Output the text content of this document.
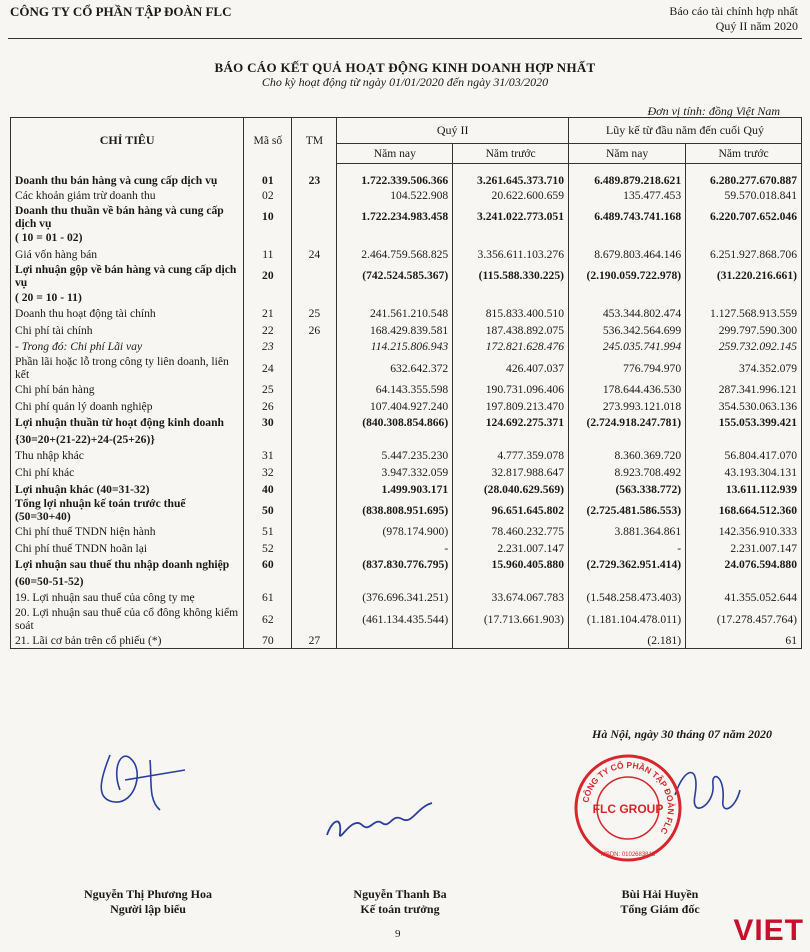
CÔNG TY CỔ PHẦN TẬP ĐOÀN FLC	Báo cáo tài chính hợp nhất
Quý II năm 2020
BÁO CÁO KẾT QUẢ HOẠT ĐỘNG KINH DOANH HỢP NHẤT
Cho kỳ hoạt động từ ngày 01/01/2020 đến ngày 31/03/2020
Đơn vị tính: đồng Việt Nam
CHỈ TIÊU	Mã số	TM	Quý II		Lũy kế từ đầu năm đến cuối Quý	
			Năm nay	Năm trước	Năm nay	Năm trước
Doanh thu bán hàng và cung cấp dịch vụ	01	23	1.722.339.506.366	3.261.645.373.710	6.489.879.218.621	6.280.277.670.887
Các khoản giảm trừ doanh thu	02		104.522.908	20.622.600.659	135.477.453	59.570.018.841
Doanh thu thuần về bán hàng và cung cấp dịch vụ	10		1.722.234.983.458	3.241.022.773.051	6.489.743.741.168	6.220.707.652.046
( 10 = 01 - 02)						
Giá vốn hàng bán	11	24	2.464.759.568.825	3.356.611.103.276	8.679.803.464.146	6.251.927.868.706
Lợi nhuận gộp về bán hàng và cung cấp dịch vụ	20		(742.524.585.367)	(115.588.330.225)	(2.190.059.722.978)	(31.220.216.661)
( 20 = 10 - 11)						
Doanh thu hoạt động tài chính	21	25	241.561.210.548	815.833.400.510	453.344.802.474	1.127.568.913.559
Chi phí tài chính	22	26	168.429.839.581	187.438.892.075	536.342.564.699	299.797.590.300
- Trong đó: Chi phí Lãi vay	23		114.215.806.943	172.821.628.476	245.035.741.994	259.732.092.145
Phần lãi hoặc lỗ trong công ty liên doanh, liên kết	24		632.642.372	426.407.037	776.794.970	374.352.079
Chi phí bán hàng	25		64.143.355.598	190.731.096.406	178.644.436.530	287.341.996.121
Chi phí quản lý doanh nghiệp	26		107.404.927.240	197.809.213.470	273.993.121.018	354.530.063.136
Lợi nhuận thuần từ hoạt động kinh doanh	30		(840.308.854.866)	124.692.275.371	(2.724.918.247.781)	155.053.399.421
{30=20+(21-22)+24-(25+26)}						
Thu nhập khác	31		5.447.235.230	4.777.359.078	8.360.369.720	56.804.417.070
Chi phí khác	32		3.947.332.059	32.817.988.647	8.923.708.492	43.193.304.131
Lợi nhuận khác (40=31-32)	40		1.499.903.171	(28.040.629.569)	(563.338.772)	13.611.112.939
Tổng lợi nhuận kế toán trước thuế (50=30+40)	50		(838.808.951.695)	96.651.645.802	(2.725.481.586.553)	168.664.512.360
Chi phí thuế TNDN hiện hành	51		(978.174.900)	78.460.232.775	3.881.364.861	142.356.910.333
Chi phí thuế TNDN hoãn lại	52		-	2.231.007.147	-	2.231.007.147
Lợi nhuận sau thuế thu nhập doanh nghiệp	60		(837.830.776.795)	15.960.405.880	(2.729.362.951.414)	24.076.594.880
(60=50-51-52)						
19. Lợi nhuận sau thuế của công ty mẹ	61		(376.696.341.251)	33.674.067.783	(1.548.258.473.403)	41.355.052.644
20. Lợi nhuận sau thuế của cổ đông không kiểm soát	62		(461.134.435.544)	(17.713.661.903)	(1.181.104.478.011)	(17.278.457.764)
21. Lãi cơ bản trên cổ phiếu (*)	70	27			(2.181)	61
Hà Nội, ngày 30 tháng 07 năm 2020
CÔNG TY CỔ PHẦN TẬP ĐOÀN FLC
FLC GROUP
MSDN: 0102683813
Nguyễn Thị Phương Hoa
Người lập biểu
Nguyễn Thanh Ba
Kế toán trưởng
Bùi Hải Huyền
Tổng Giám đốc
9	VIET
